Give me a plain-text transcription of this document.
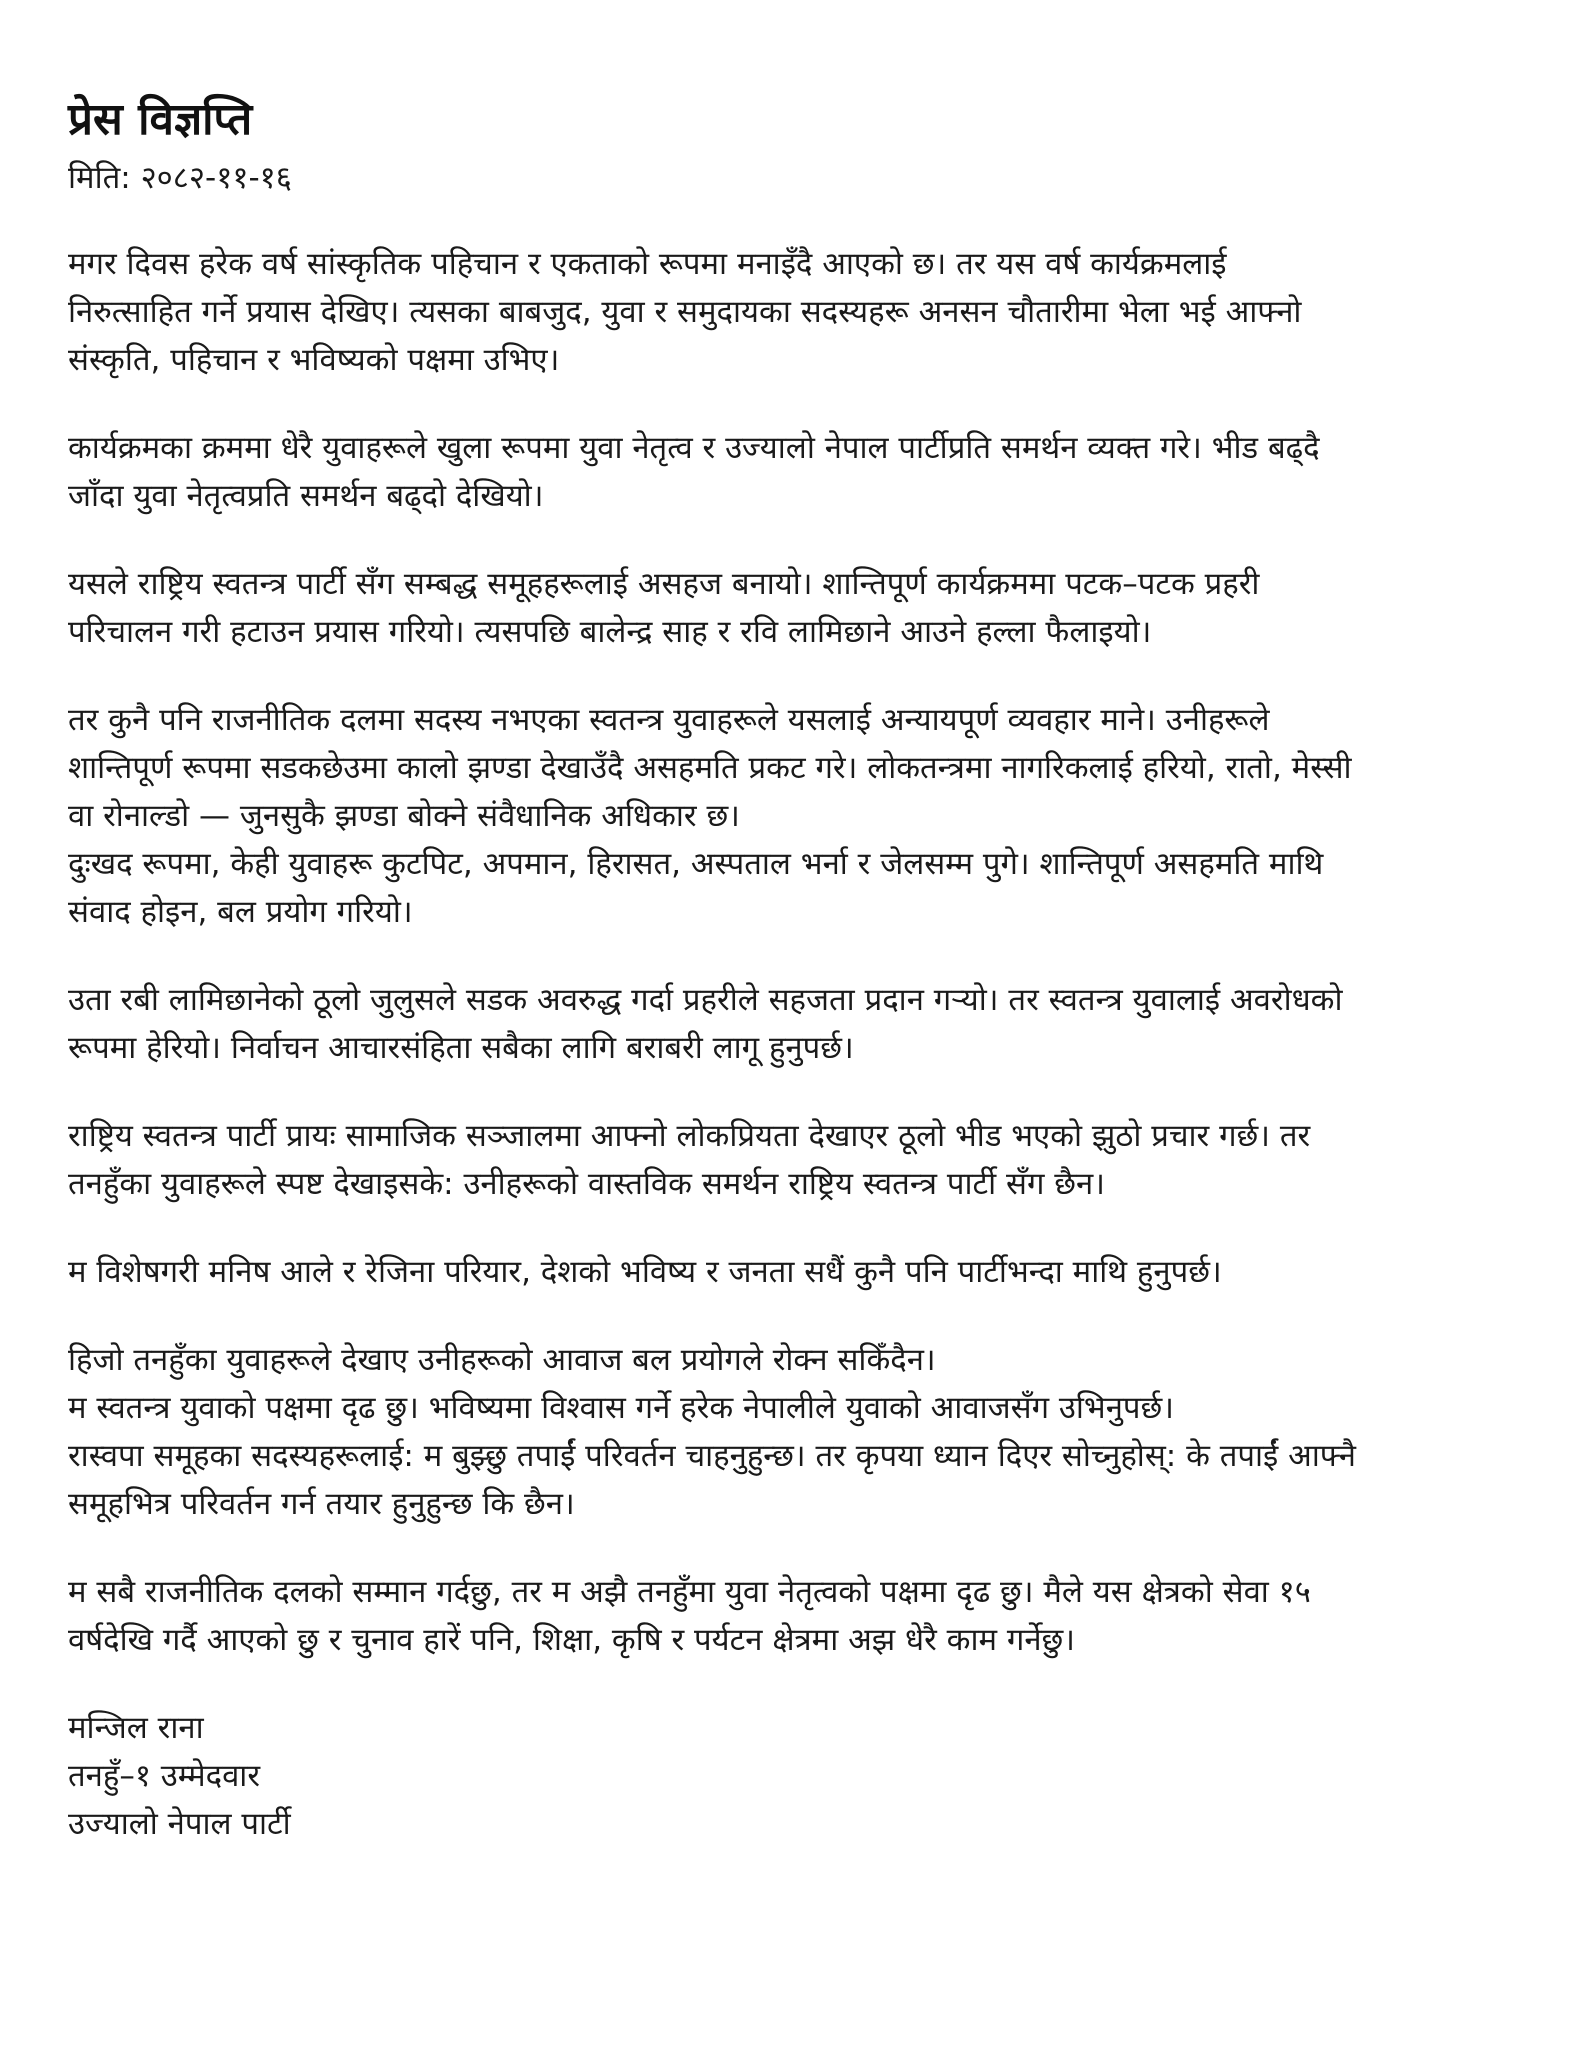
प्रेस विज्ञप्ति
मिति: २०८२-११-१६
मगर दिवस हरेक वर्ष सांस्कृतिक पहिचान र एकताको रूपमा मनाइँदै आएको छ। तर यस वर्ष कार्यक्रमलाई
निरुत्साहित गर्ने प्रयास देखिए। त्यसका बाबजुद, युवा र समुदायका सदस्यहरू अनसन चौतारीमा भेला भई आफ्नो
संस्कृति, पहिचान र भविष्यको पक्षमा उभिए।
कार्यक्रमका क्रममा धेरै युवाहरूले खुला रूपमा युवा नेतृत्व र उज्यालो नेपाल पार्टीप्रति समर्थन व्यक्त गरे। भीड बढ्दै
जाँदा युवा नेतृत्वप्रति समर्थन बढ्दो देखियो।
यसले राष्ट्रिय स्वतन्त्र पार्टी सँग सम्बद्ध समूहहरूलाई असहज बनायो। शान्तिपूर्ण कार्यक्रममा पटक–पटक प्रहरी
परिचालन गरी हटाउन प्रयास गरियो। त्यसपछि बालेन्द्र साह र रवि लामिछाने आउने हल्ला फैलाइयो।
तर कुनै पनि राजनीतिक दलमा सदस्य नभएका स्वतन्त्र युवाहरूले यसलाई अन्यायपूर्ण व्यवहार माने। उनीहरूले
शान्तिपूर्ण रूपमा सडकछेउमा कालो झण्डा देखाउँदै असहमति प्रकट गरे। लोकतन्त्रमा नागरिकलाई हरियो, रातो, मेस्सी
वा रोनाल्डो — जुनसुकै झण्डा बोक्ने संवैधानिक अधिकार छ।
दुःखद रूपमा, केही युवाहरू कुटपिट, अपमान, हिरासत, अस्पताल भर्ना र जेलसम्म पुगे। शान्तिपूर्ण असहमति माथि
संवाद होइन, बल प्रयोग गरियो।
उता रबी लामिछानेको ठूलो जुलुसले सडक अवरुद्ध गर्दा प्रहरीले सहजता प्रदान गर्‍यो। तर स्वतन्त्र युवालाई अवरोधको
रूपमा हेरियो। निर्वाचन आचारसंहिता सबैका लागि बराबरी लागू हुनुपर्छ।
राष्ट्रिय स्वतन्त्र पार्टी प्रायः सामाजिक सञ्जालमा आफ्नो लोकप्रियता देखाएर ठूलो भीड भएको झुठो प्रचार गर्छ। तर
तनहुँका युवाहरूले स्पष्ट देखाइसके: उनीहरूको वास्तविक समर्थन राष्ट्रिय स्वतन्त्र पार्टी सँग छैन।
म विशेषगरी मनिष आले र रेजिना परियार, देशको भविष्य र जनता सधैं कुनै पनि पार्टीभन्दा माथि हुनुपर्छ।
हिजो तनहुँका युवाहरूले देखाए उनीहरूको आवाज बल प्रयोगले रोक्न सकिँदैन।
म स्वतन्त्र युवाको पक्षमा दृढ छु। भविष्यमा विश्वास गर्ने हरेक नेपालीले युवाको आवाजसँग उभिनुपर्छ।
रास्वपा समूहका सदस्यहरूलाई: म बुझ्छु तपाईं परिवर्तन चाहनुहुन्छ। तर कृपया ध्यान दिएर सोच्नुहोस्: के तपाईं आफ्नै
समूहभित्र परिवर्तन गर्न तयार हुनुहुन्छ कि छैन।
म सबै राजनीतिक दलको सम्मान गर्दछु, तर म अझै तनहुँमा युवा नेतृत्वको पक्षमा दृढ छु। मैले यस क्षेत्रको सेवा १५
वर्षदेखि गर्दै आएको छु र चुनाव हारें पनि, शिक्षा, कृषि र पर्यटन क्षेत्रमा अझ धेरै काम गर्नेछु।
मन्जिल राना
तनहुँ–१ उम्मेदवार
उज्यालो नेपाल पार्टी
